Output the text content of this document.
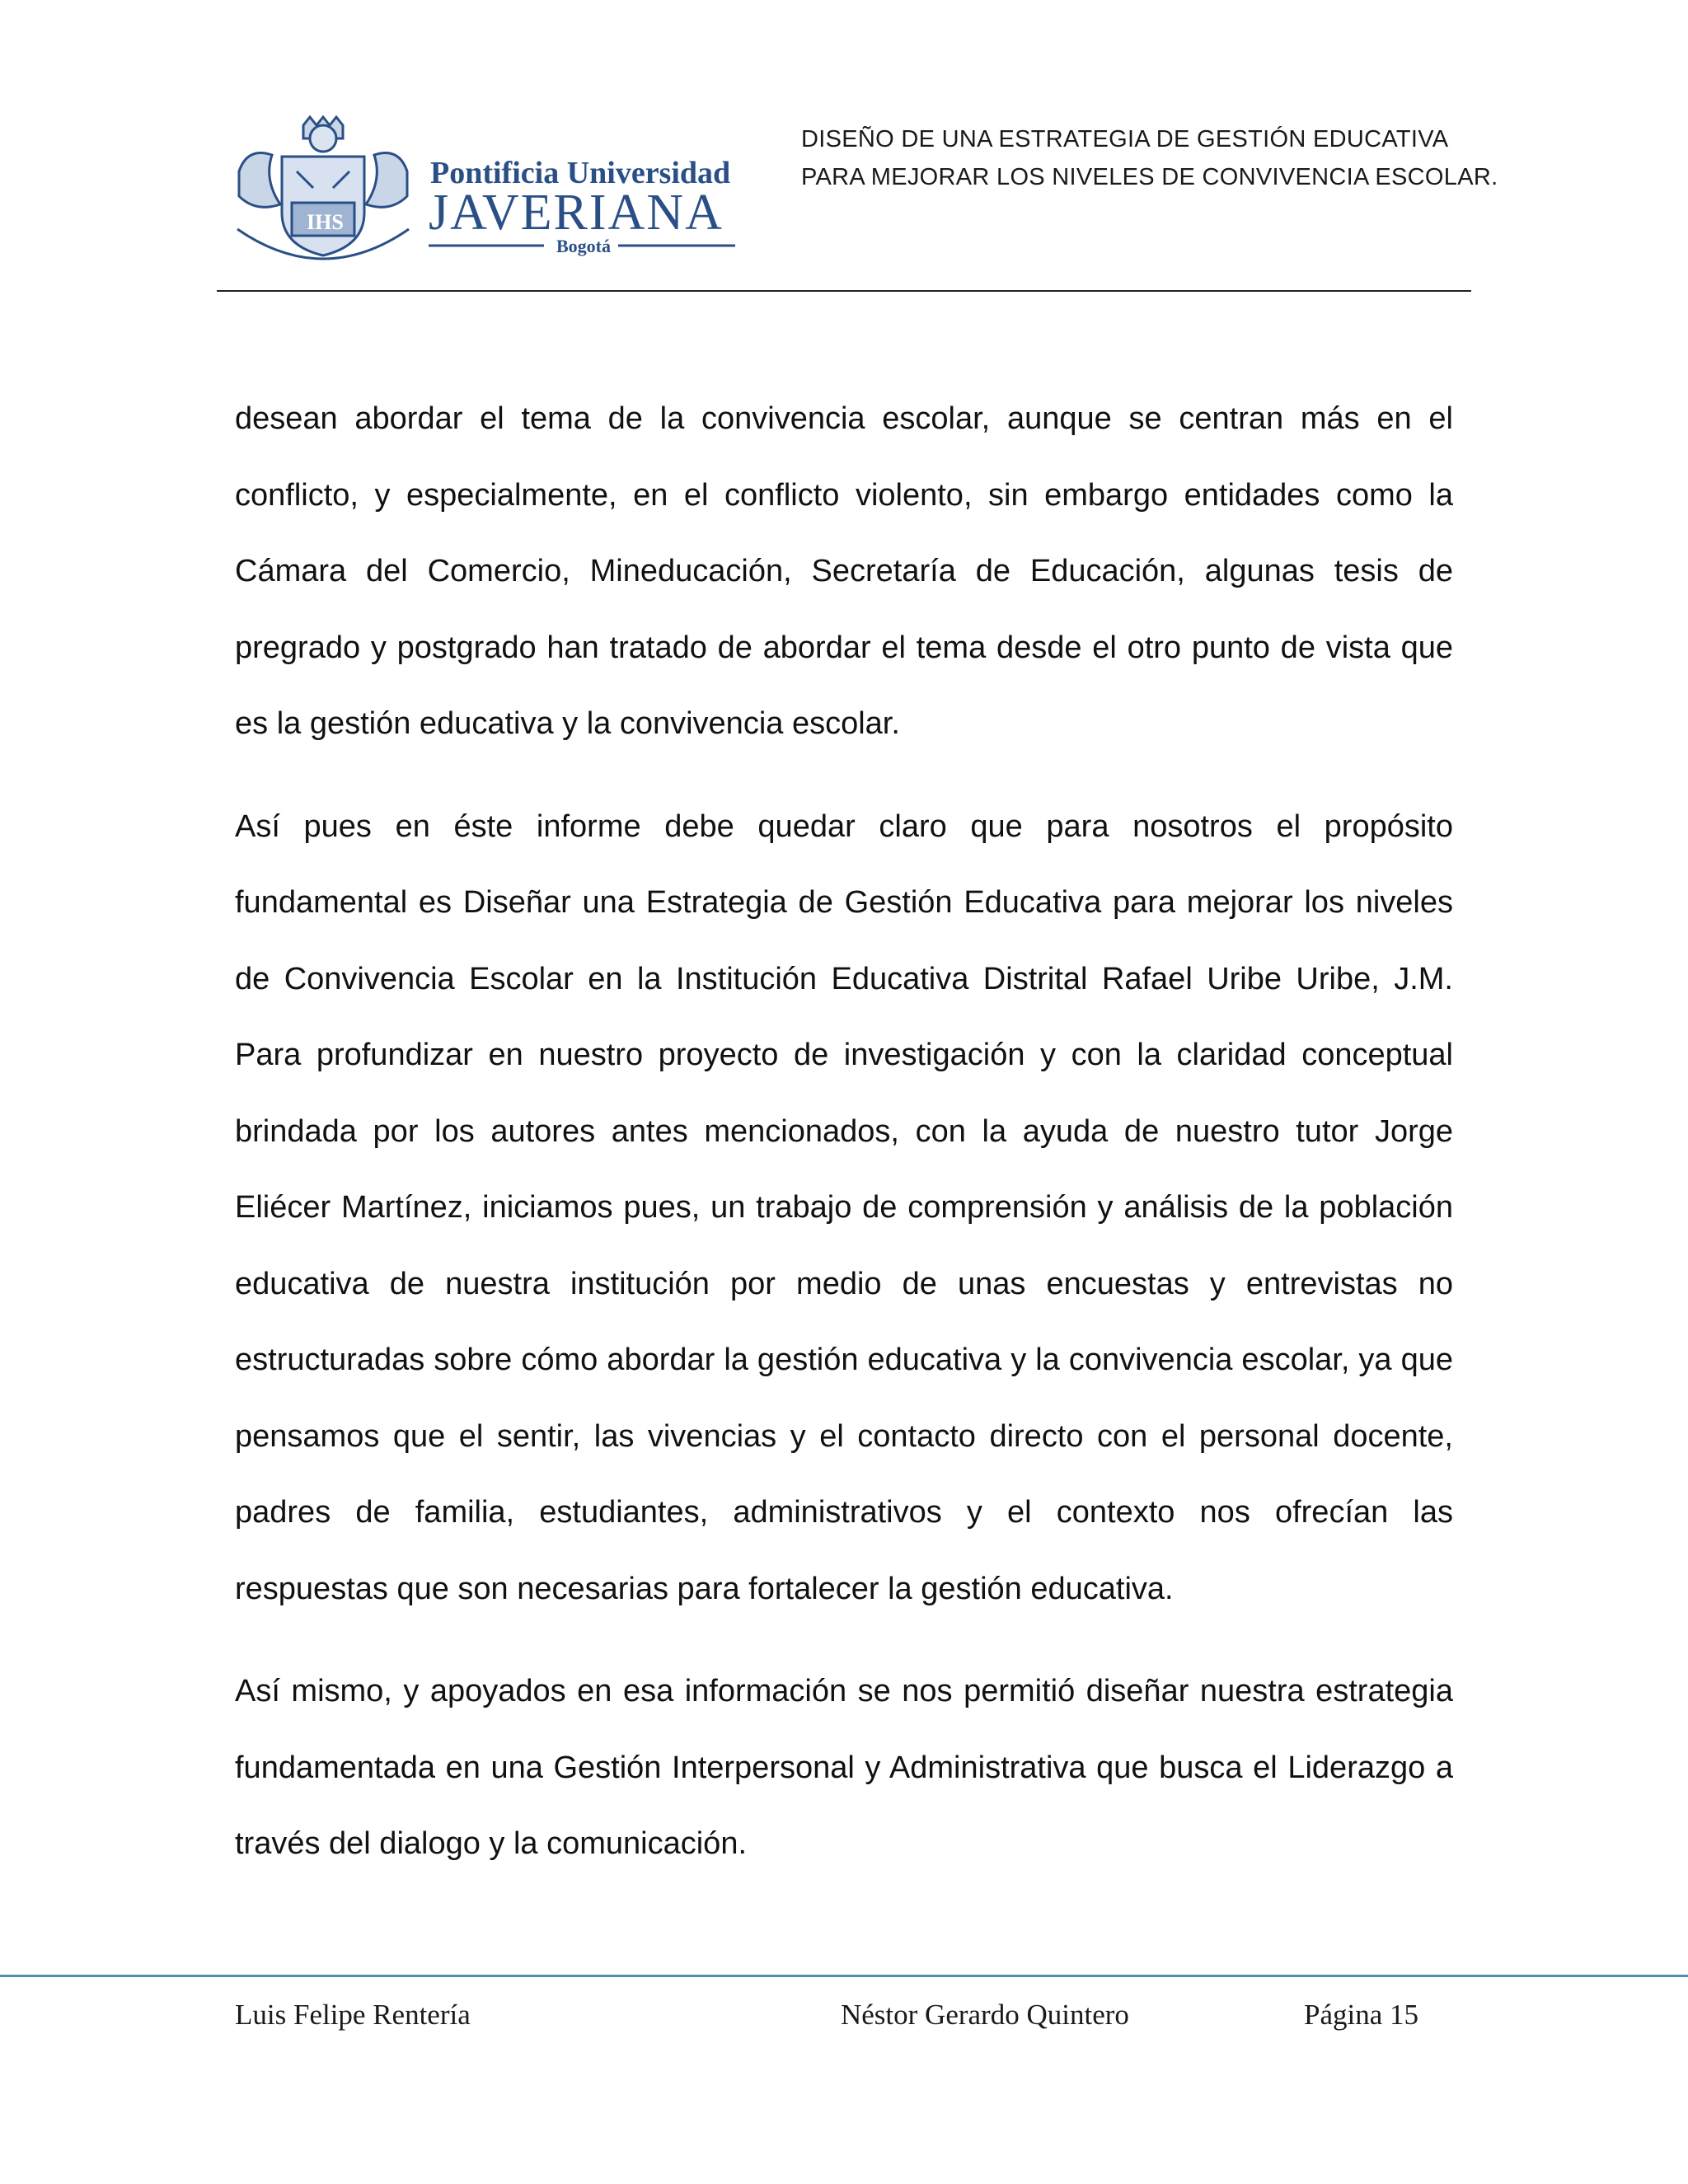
IHS
Pontificia Universidad
JAVERIANA
Bogotá
DISEÑO DE UNA ESTRATEGIA DE GESTIÓN EDUCATIVA
PARA MEJORAR LOS NIVELES DE CONVIVENCIA ESCOLAR.

desean abordar el tema de la convivencia escolar, aunque se centran más en el conflicto, y especialmente, en el conflicto violento, sin embargo entidades como la Cámara del Comercio, Mineducación, Secretaría de Educación, algunas tesis de pregrado y postgrado han tratado de abordar el tema desde el otro punto de vista que es la gestión educativa y la convivencia escolar.

Así pues en éste informe debe quedar claro que para nosotros el propósito fundamental es Diseñar una Estrategia de Gestión Educativa para mejorar los niveles de Convivencia Escolar en la Institución Educativa Distrital Rafael Uribe Uribe, J.M. Para profundizar en nuestro proyecto de investigación y con la claridad conceptual brindada por los autores antes mencionados, con la ayuda de nuestro tutor Jorge Eliécer Martínez, iniciamos pues, un trabajo de comprensión y análisis de la población educativa de nuestra institución por medio de unas encuestas y entrevistas no estructuradas sobre cómo abordar la gestión educativa y la convivencia escolar, ya que pensamos que el sentir, las vivencias y el contacto directo con el personal docente, padres de familia, estudiantes, administrativos y el contexto nos ofrecían las respuestas que son necesarias para fortalecer la gestión educativa.

Así mismo, y apoyados en esa información se nos permitió diseñar nuestra estrategia fundamentada en una Gestión Interpersonal y Administrativa que busca el Liderazgo a través del dialogo y la comunicación.

Luis Felipe Rentería	Néstor Gerardo Quintero	Página 15
